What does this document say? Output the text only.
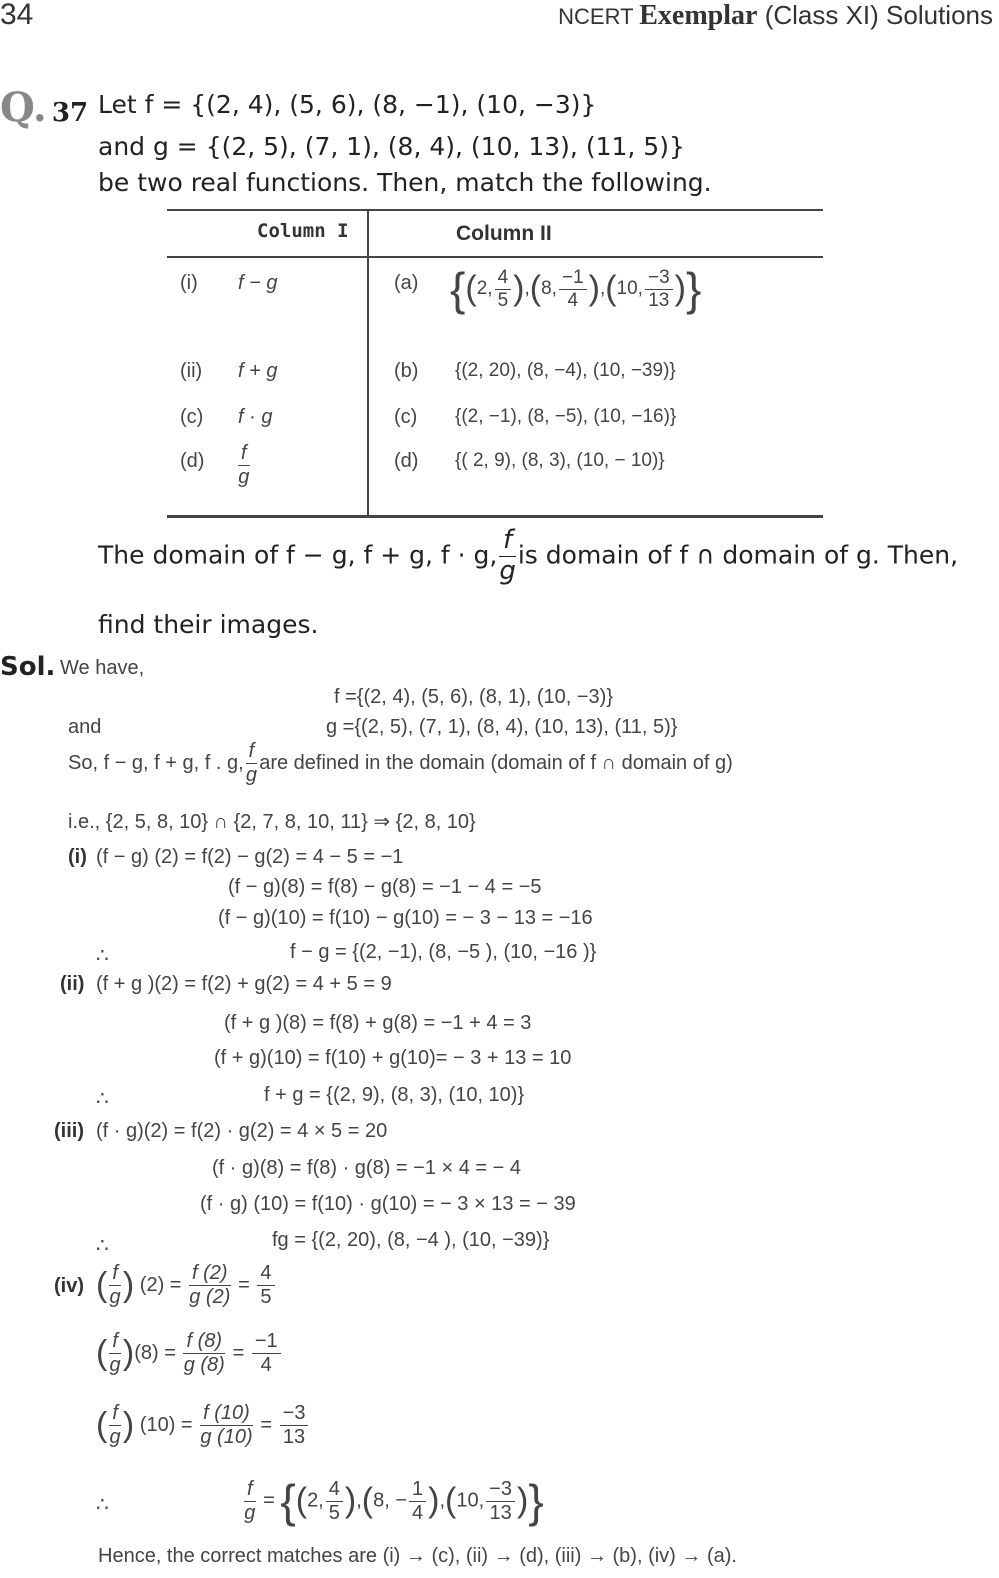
34	NCERT Exemplar (Class XI) Solutions
Q. 37 Let f = {(2, 4), (5, 6), (8, −1), (10, −3)}
and g = {(2, 5), (7, 1), (8, 4), (10, 13), (11, 5)}
be two real functions. Then, match the following.
Column I	Column II
(i) f − g	(a) {(2, $\frac{4}{5} ),(8$, $\frac{-1}{4} ),(10$, $\frac{-3}{13}$ )}
(ii) f + g	(b) {(2, 20), (8, −4), (10, −39)}
(c) f · g	(c) {(2, −1), (8, −5), (10, −16)}
$(d) \frac{f}{g}$	(d) {( 2, 9), (8, 3), (10, − 10)}
The domain of f − g, f + g, f · g, $\frac{f}{g}$ is domain of f ∩ domain of g. Then,
find their images.
Sol. We have,
f ={(2, 4), (5, 6), (8, 1), (10, −3)}
and	g ={(2, 5), (7, 1), (8, 4), (10, 13), (11, 5)}
So, f − g, f + g, f . g, $\frac{f}{g}$ are defined in the domain (domain of f ∩ domain of g)
i.e., {2, 5, 8, 10} ∩ {2, 7, 8, 10, 11} ⇒ {2, 8, 10}
(i) (f − g) (2) = f(2) − g(2) = 4 − 5 = −1
(f − g)(8) = f(8) − g(8) = −1 − 4 = −5
(f − g)(10) = f(10) − g(10) = − 3 − 13 = −16
∴	f − g = {(2, −1), (8, −5 ), (10, −16 )}
(ii) (f + g )(2) = f(2) + g(2) = 4 + 5 = 9
(f + g )(8) = f(8) + g(8) = −1 + 4 = 3
(f + g)(10) = f(10) + g(10)= − 3 + 13 = 10
∴	f + g = {(2, 9), (8, 3), (10, 10)}
(iii) (f · g)(2) = f(2) · g(2) = 4 × 5 = 20
(f · g)(8) = f(8) · g(8) = −1 × 4 = − 4
(f · g) (10) = f(10) · g(10) = − 3 × 13 = − 39
∴	fg = {(2, 20), (8, −4 ), (10, −39)}
(iv) ( $\frac{f}{g}$ ) $(2) = \frac{f (2)}{g (2)} = \frac{4}{5}$
( $\frac{f}{g} )(8) = \frac{f (8)}{g (8)} = \frac{-1}{4}$
( $\frac{f}{g}$ ) $(10) = \frac{f (10)}{g (10)} = \frac{-3}{13}$
∴	$\frac{f}{g} = \{(2$, $\frac{4}{5} ),(8$, − $\frac{1}{4} ),(10$, $\frac{-3}{13}$ )}
Hence, the correct matches are (i) → (c), (ii) → (d), (iii) → (b), (iv) → (a).
